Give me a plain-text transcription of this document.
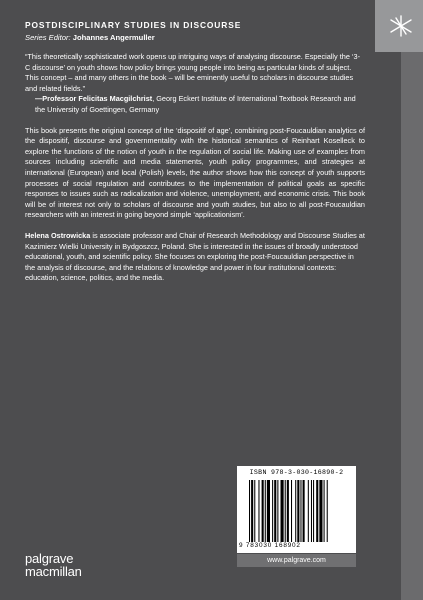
POSTDISCIPLINARY STUDIES IN DISCOURSE
Series Editor: Johannes Angermuller

“This theoretically sophisticated work opens up intriguing ways of analysing discourse. Especially the ‘3-C discourse’ on youth shows how policy brings young people into being as particular kinds of subject. This concept – and many others in the book – will be eminently useful to scholars in discourse studies and related fields.”

—Professor Felicitas Macgilchrist, Georg Eckert Institute of International Textbook Research and the University of Goettingen, Germany

This book presents the original concept of the ‘dispositif of age’, combining post-Foucauldian analytics of the dispositif, discourse and governmentality with the historical semantics of Reinhart Koselleck to explore the functions of the notion of youth in the regulation of social life. Making use of examples from sources including scientific and media statements, youth policy programmes, and strategies at international (European) and local (Polish) levels, the author shows how this concept of youth supports processes of social regulation and contributes to the implementation of political goals as specific responses to issues such as radicalization and violence, unemployment, and economic crisis. This book will be of interest not only to scholars of discourse and youth studies, but also to all post-Foucauldian researchers with an interest in going beyond simple ‘applicationism’.

Helena Ostrowicka is associate professor and Chair of Research Methodology and Discourse Studies at Kazimierz Wielki University in Bydgoszcz, Poland. She is interested in the issues of broadly understood educational, youth, and scientific policy. She focuses on exploring the post-Foucauldian perspective in the analysis of discourse, and the relations of knowledge and power in four institutional contexts: education, science, politics, and the media.

ISBN 978-3-030-16890-2
9 783030 168902
www.palgrave.com
palgrave
macmillan
